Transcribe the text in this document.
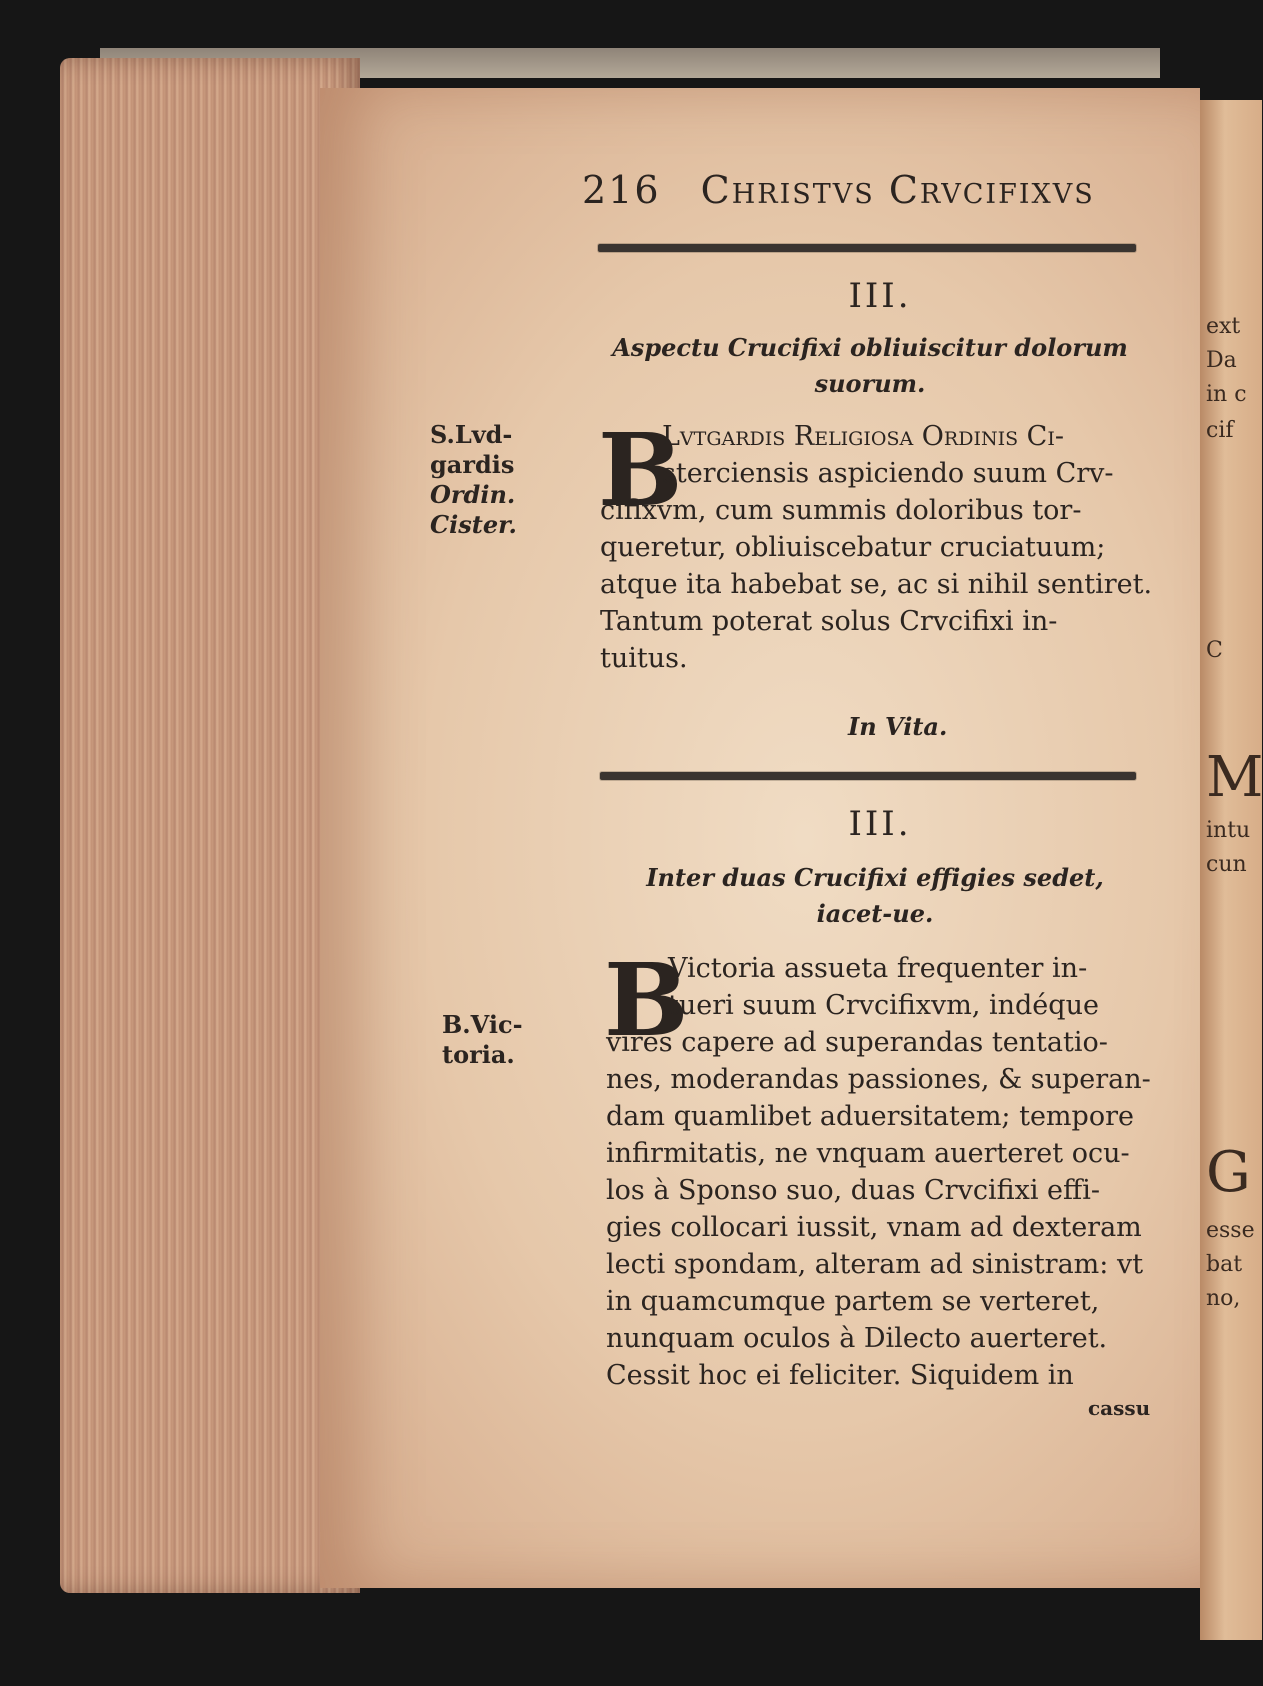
ext
Da
in c
cif
C
M
intu
cun
G
esse
bat
no,
216 Christvs Crvcifixvs
III.
Aspectu Crucifixi obliuiscitur dolorum
suorum.
S.Lvd-
gardis
Ordin.
Cister. B
Lvtgardis Religiosa Ordinis Ci-
sterciensis aspiciendo suum Crv-
cifixvm, cum summis doloribus tor-
queretur, obliuiscebatur cruciatuum;
atque ita habebat se, ac si nihil sentiret.
Tantum poterat solus Crvcifixi in-
tuitus.
In Vita.
III.
Inter duas Crucifixi effigies sedet,
iacet-ue.
B.Vic-
toria. B
Victoria assueta frequenter in-
tueri suum Crvcifixvm, indéque
vires capere ad superandas tentatio-
nes, moderandas passiones, & superan-
dam quamlibet aduersitatem; tempore
infirmitatis, ne vnquam auerteret ocu-
los à Sponso suo, duas Crvcifixi effi-
gies collocari iussit, vnam ad dexteram
lecti spondam, alteram ad sinistram: vt
in quamcumque partem se verteret,
nunquam oculos à Dilecto auerteret.
Cessit hoc ei feliciter. Siquidem in
cassu
